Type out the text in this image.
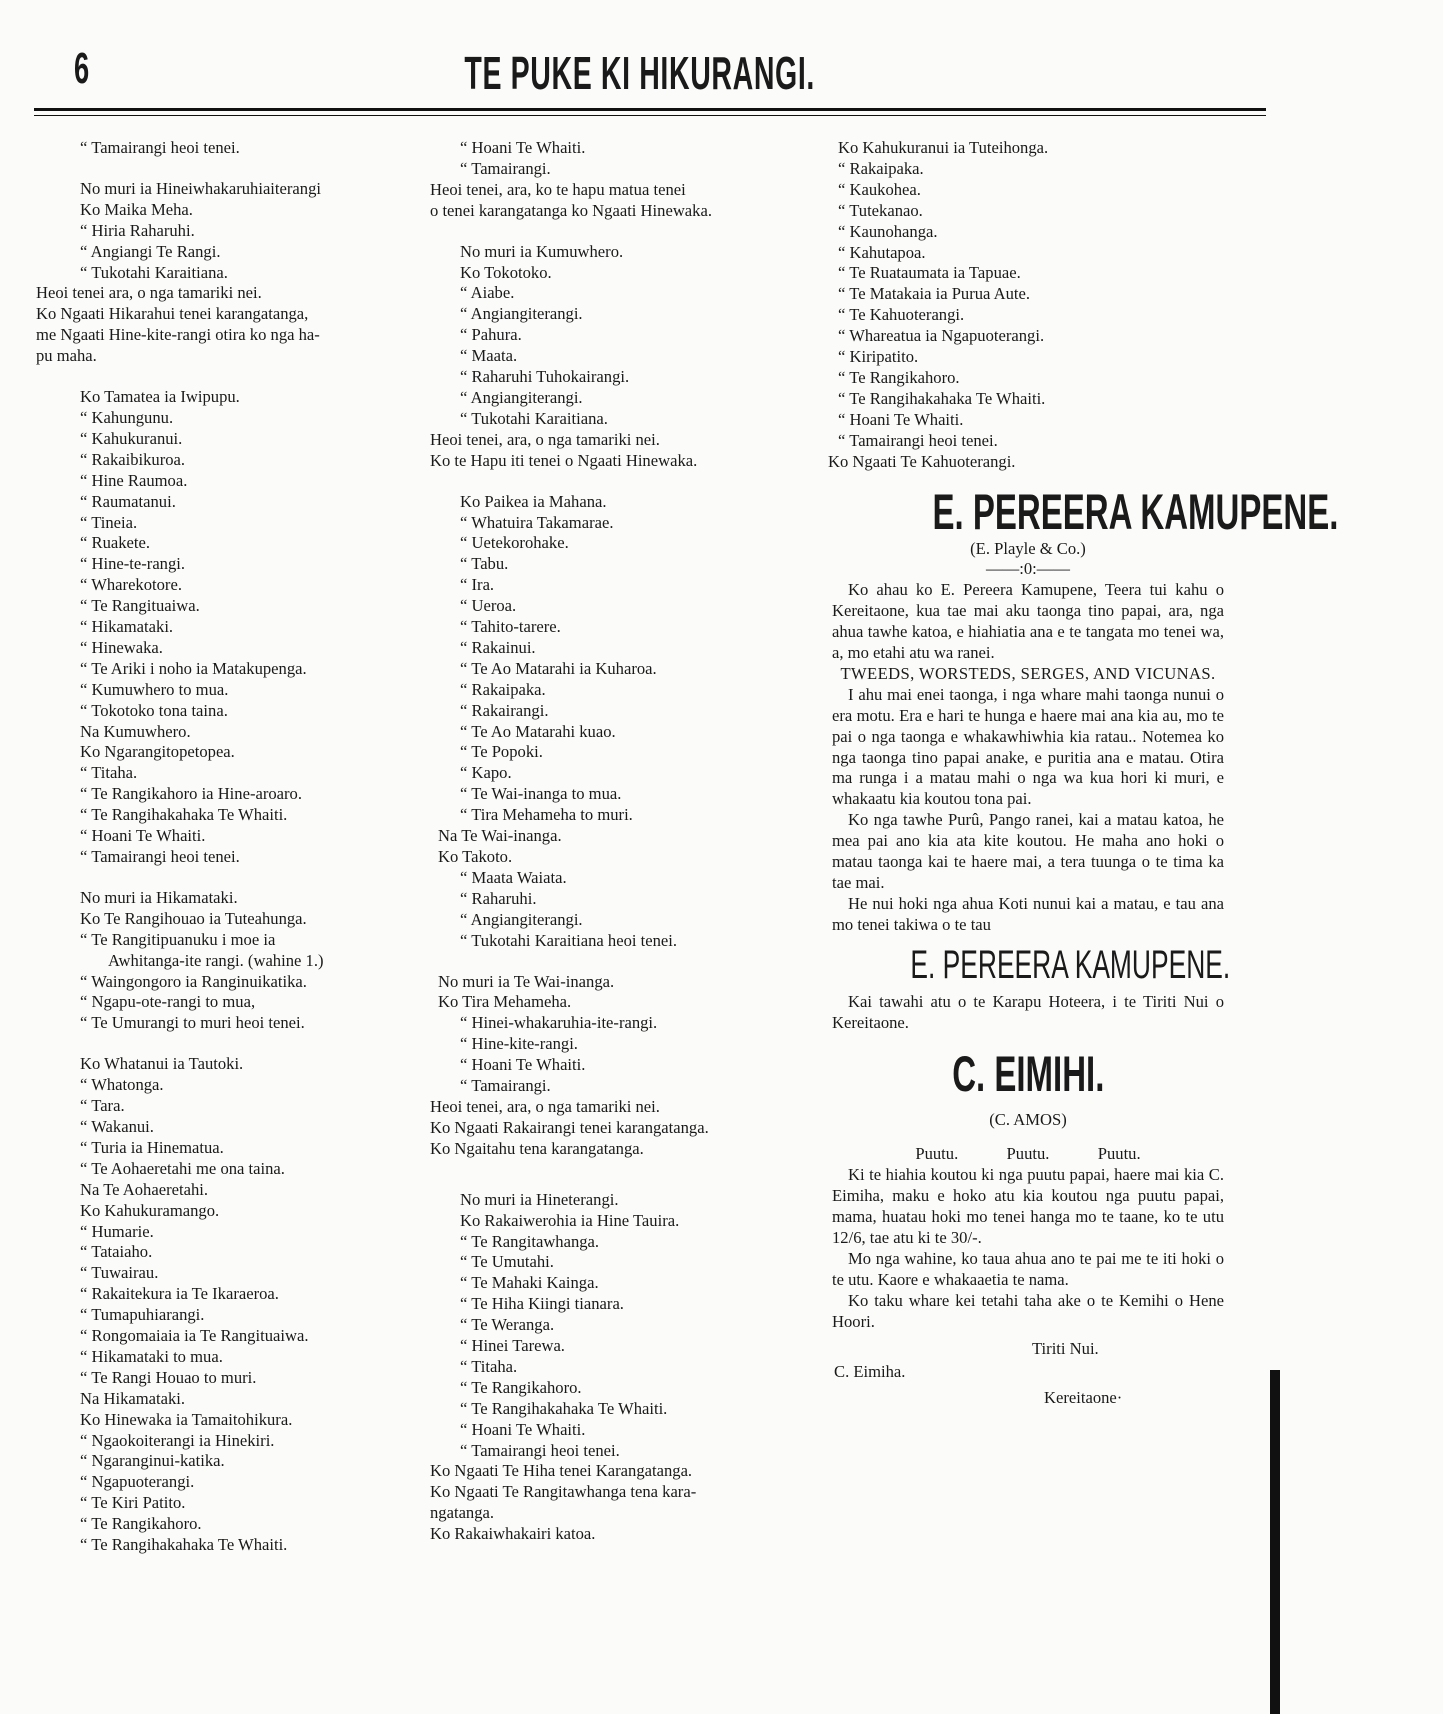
6	TE PUKE KI HIKURANGI.
“ Tamairangi heoi tenei.
No muri ia Hineiwhakaruhiaiterangi
Ko Maika Meha.
“ Hiria Raharuhi.
“ Angiangi Te Rangi.
“ Tukotahi Karaitiana.
Heoi tenei ara, o nga tamariki nei.
Ko Ngaati Hikarahui tenei karangatanga,
me Ngaati Hine-kite-rangi otira ko nga ha-
pu maha.
Ko Tamatea ia Iwipupu.
“ Kahungunu.
“ Kahukuranui.
“ Rakaibikuroa.
“ Hine Raumoa.
“ Raumatanui.
“ Tineia.
“ Ruakete.
“ Hine-te-rangi.
“ Wharekotore.
“ Te Rangituaiwa.
“ Hikamataki.
“ Hinewaka.
“ Te Ariki i noho ia Matakupenga.
“ Kumuwhero to mua.
“ Tokotoko tona taina.
Na Kumuwhero.
Ko Ngarangitopetopea.
“ Titaha.
“ Te Rangikahoro ia Hine-aroaro.
“ Te Rangihakahaka Te Whaiti.
“ Hoani Te Whaiti.
“ Tamairangi heoi tenei.
No muri ia Hikamataki.
Ko Te Rangihouao ia Tuteahunga.
“ Te Rangitipuanuku i moe ia
Awhitanga-ite rangi. (wahine 1.)
“ Waingongoro ia Ranginuikatika.
“ Ngapu-ote-rangi to mua,
“ Te Umurangi to muri heoi tenei.
Ko Whatanui ia Tautoki.
“ Whatonga.
“ Tara.
“ Wakanui.
“ Turia ia Hinematua.
“ Te Aohaeretahi me ona taina.
Na Te Aohaeretahi.
Ko Kahukuramango.
“ Humarie.
“ Tataiaho.
“ Tuwairau.
“ Rakaitekura ia Te Ikaraeroa.
“ Tumapuhiarangi.
“ Rongomaiaia ia Te Rangituaiwa.
“ Hikamataki to mua.
“ Te Rangi Houao to muri.
Na Hikamataki.
Ko Hinewaka ia Tamaitohikura.
“ Ngaokoiterangi ia Hinekiri.
“ Ngaranginui-katika.
“ Ngapuoterangi.
“ Te Kiri Patito.
“ Te Rangikahoro.
“ Te Rangihakahaka Te Whaiti.
“ Hoani Te Whaiti.
“ Tamairangi.
Heoi tenei, ara, ko te hapu matua tenei
o tenei karangatanga ko Ngaati Hinewaka.
No muri ia Kumuwhero.
Ko Tokotoko.
“ Aiabe.
“ Angiangiterangi.
“ Pahura.
“ Maata.
“ Raharuhi Tuhokairangi.
“ Angiangiterangi.
“ Tukotahi Karaitiana.
Heoi tenei, ara, o nga tamariki nei.
Ko te Hapu iti tenei o Ngaati Hinewaka.
Ko Paikea ia Mahana.
“ Whatuira Takamarae.
“ Uetekorohake.
“ Tabu.
“ Ira.
“ Ueroa.
“ Tahito-tarere.
“ Rakainui.
“ Te Ao Matarahi ia Kuharoa.
“ Rakaipaka.
“ Rakairangi.
“ Te Ao Matarahi kuao.
“ Te Popoki.
“ Kapo.
“ Te Wai-inanga to mua.
“ Tira Mehameha to muri.
Na Te Wai-inanga.
Ko Takoto.
“ Maata Waiata.
“ Raharuhi.
“ Angiangiterangi.
“ Tukotahi Karaitiana heoi tenei.
No muri ia Te Wai-inanga.
Ko Tira Mehameha.
“ Hinei-whakaruhia-ite-rangi.
“ Hine-kite-rangi.
“ Hoani Te Whaiti.
“ Tamairangi.
Heoi tenei, ara, o nga tamariki nei.
Ko Ngaati Rakairangi tenei karangatanga.
Ko Ngaitahu tena karangatanga.
No muri ia Hineterangi.
Ko Rakaiwerohia ia Hine Tauira.
“ Te Rangitawhanga.
“ Te Umutahi.
“ Te Mahaki Kainga.
“ Te Hiha Kiingi tianara.
“ Te Weranga.
“ Hinei Tarewa.
“ Titaha.
“ Te Rangikahoro.
“ Te Rangihakahaka Te Whaiti.
“ Hoani Te Whaiti.
“ Tamairangi heoi tenei.
Ko Ngaati Te Hiha tenei Karangatanga.
Ko Ngaati Te Rangitawhanga tena kara-
ngatanga.
Ko Rakaiwhakairi katoa.
Ko Kahukuranui ia Tuteihonga.
“ Rakaipaka.
“ Kaukohea.
“ Tutekanao.
“ Kaunohanga.
“ Kahutapoa.
“ Te Ruataumata ia Tapuae.
“ Te Matakaia ia Purua Aute.
“ Te Kahuoterangi.
“ Whareatua ia Ngapuoterangi.
“ Kiripatito.
“ Te Rangikahoro.
“ Te Rangihakahaka Te Whaiti.
“ Hoani Te Whaiti.
“ Tamairangi heoi tenei.
Ko Ngaati Te Kahuoterangi.
E. PEREERA KAMUPENE.
(E. Playle & Co.)
——:0:——
Ko ahau ko E. Pereera Kamupene, Teera tui kahu o Kereitaone, kua tae mai aku taonga tino papai, ara, nga ahua tawhe katoa, e hiahiatia ana e te tangata mo tenei wa, a, mo etahi atu wa ranei.
TWEEDS, WORSTEDS, SERGES, AND VICUNAS.
I ahu mai enei taonga, i nga whare mahi taonga nunui o era motu. Era e hari te hunga e haere mai ana kia au, mo te pai o nga taonga e whakawhiwhia kia ratau.. Notemea ko nga taonga tino papai anake, e puritia ana e matau. Otira ma runga i a matau mahi o nga wa kua hori ki muri, e whakaatu kia koutou tona pai.
Ko nga tawhe Purû, Pango ranei, kai a matau katoa, he mea pai ano kia ata kite koutou. He maha ano hoki o matau taonga kai te haere mai, a tera tuunga o te tima ka tae mai.
He nui hoki nga ahua Koti nunui kai a matau, e tau ana mo tenei takiwa o te tau
E. PEREERA KAMUPENE.
Kai tawahi atu o te Karapu Hoteera, i te Tiriti Nui o Kereitaone.
C. EIMIHI.
(C. AMOS)
Puutu.	Puutu.	Puutu.
Ki te hiahia koutou ki nga puutu papai, haere mai kia C. Eimiha, maku e hoko atu kia koutou nga puutu papai, mama, huatau hoki mo tenei hanga mo te taane, ko te utu 12/6, tae atu ki te 30/-.
Mo nga wahine, ko taua ahua ano te pai me te iti hoki o te utu. Kaore e whakaaetia te nama.
Ko taku whare kei tetahi taha ake o te Kemihi o Hene Hoori.
Tiriti Nui.
C. Eimiha.
Kereitaone·
